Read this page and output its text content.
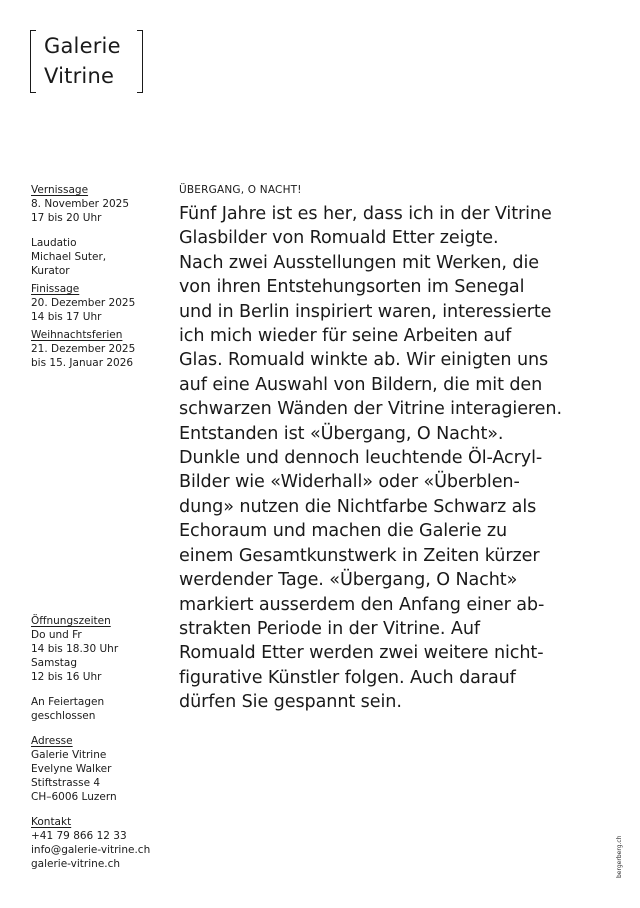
Galerie
Vitrine
Vernissage
8. November 2025
17 bis 20 Uhr
Laudatio
Michael Suter,
Kurator
Finissage
20. Dezember 2025
14 bis 17 Uhr
Weihnachtsferien
21. Dezember 2025
bis 15. Januar 2026
ÜBERGANG, O NACHT!
Fünf Jahre ist es her, dass ich in der Vitrine
Glasbilder von Romuald Etter zeigte.
Nach zwei Ausstellungen mit Werken, die
von ihren Entstehungsorten im Senegal
und in Berlin inspiriert waren, interessierte
ich mich wieder für seine Arbeiten auf
Glas. Romuald winkte ab. Wir einigten uns
auf eine Auswahl von Bildern, die mit den
schwarzen Wänden der Vitrine interagieren.
Entstanden ist «Übergang, O Nacht».
Dunkle und dennoch leuchtende Öl-Acryl-
Bilder wie «Widerhall» oder «Überblen-
dung» nutzen die Nichtfarbe Schwarz als
Echoraum und machen die Galerie zu
einem Gesamtkunstwerk in Zeiten kürzer
werdender Tage. «Übergang, O Nacht»
markiert ausserdem den Anfang einer ab-
strakten Periode in der Vitrine. Auf
Romuald Etter werden zwei weitere nicht-
figurative Künstler folgen. Auch darauf
dürfen Sie gespannt sein.
Öffnungszeiten
Do und Fr
14 bis 18.30 Uhr
Samstag
12 bis 16 Uhr
An Feiertagen
geschlossen
Adresse
Galerie Vitrine
Evelyne Walker
Stiftstrasse 4
CH–6006 Luzern
Kontakt
+41 79 866 12 33
info@galerie-vitrine.ch
galerie-vitrine.ch	bergerberg.ch
